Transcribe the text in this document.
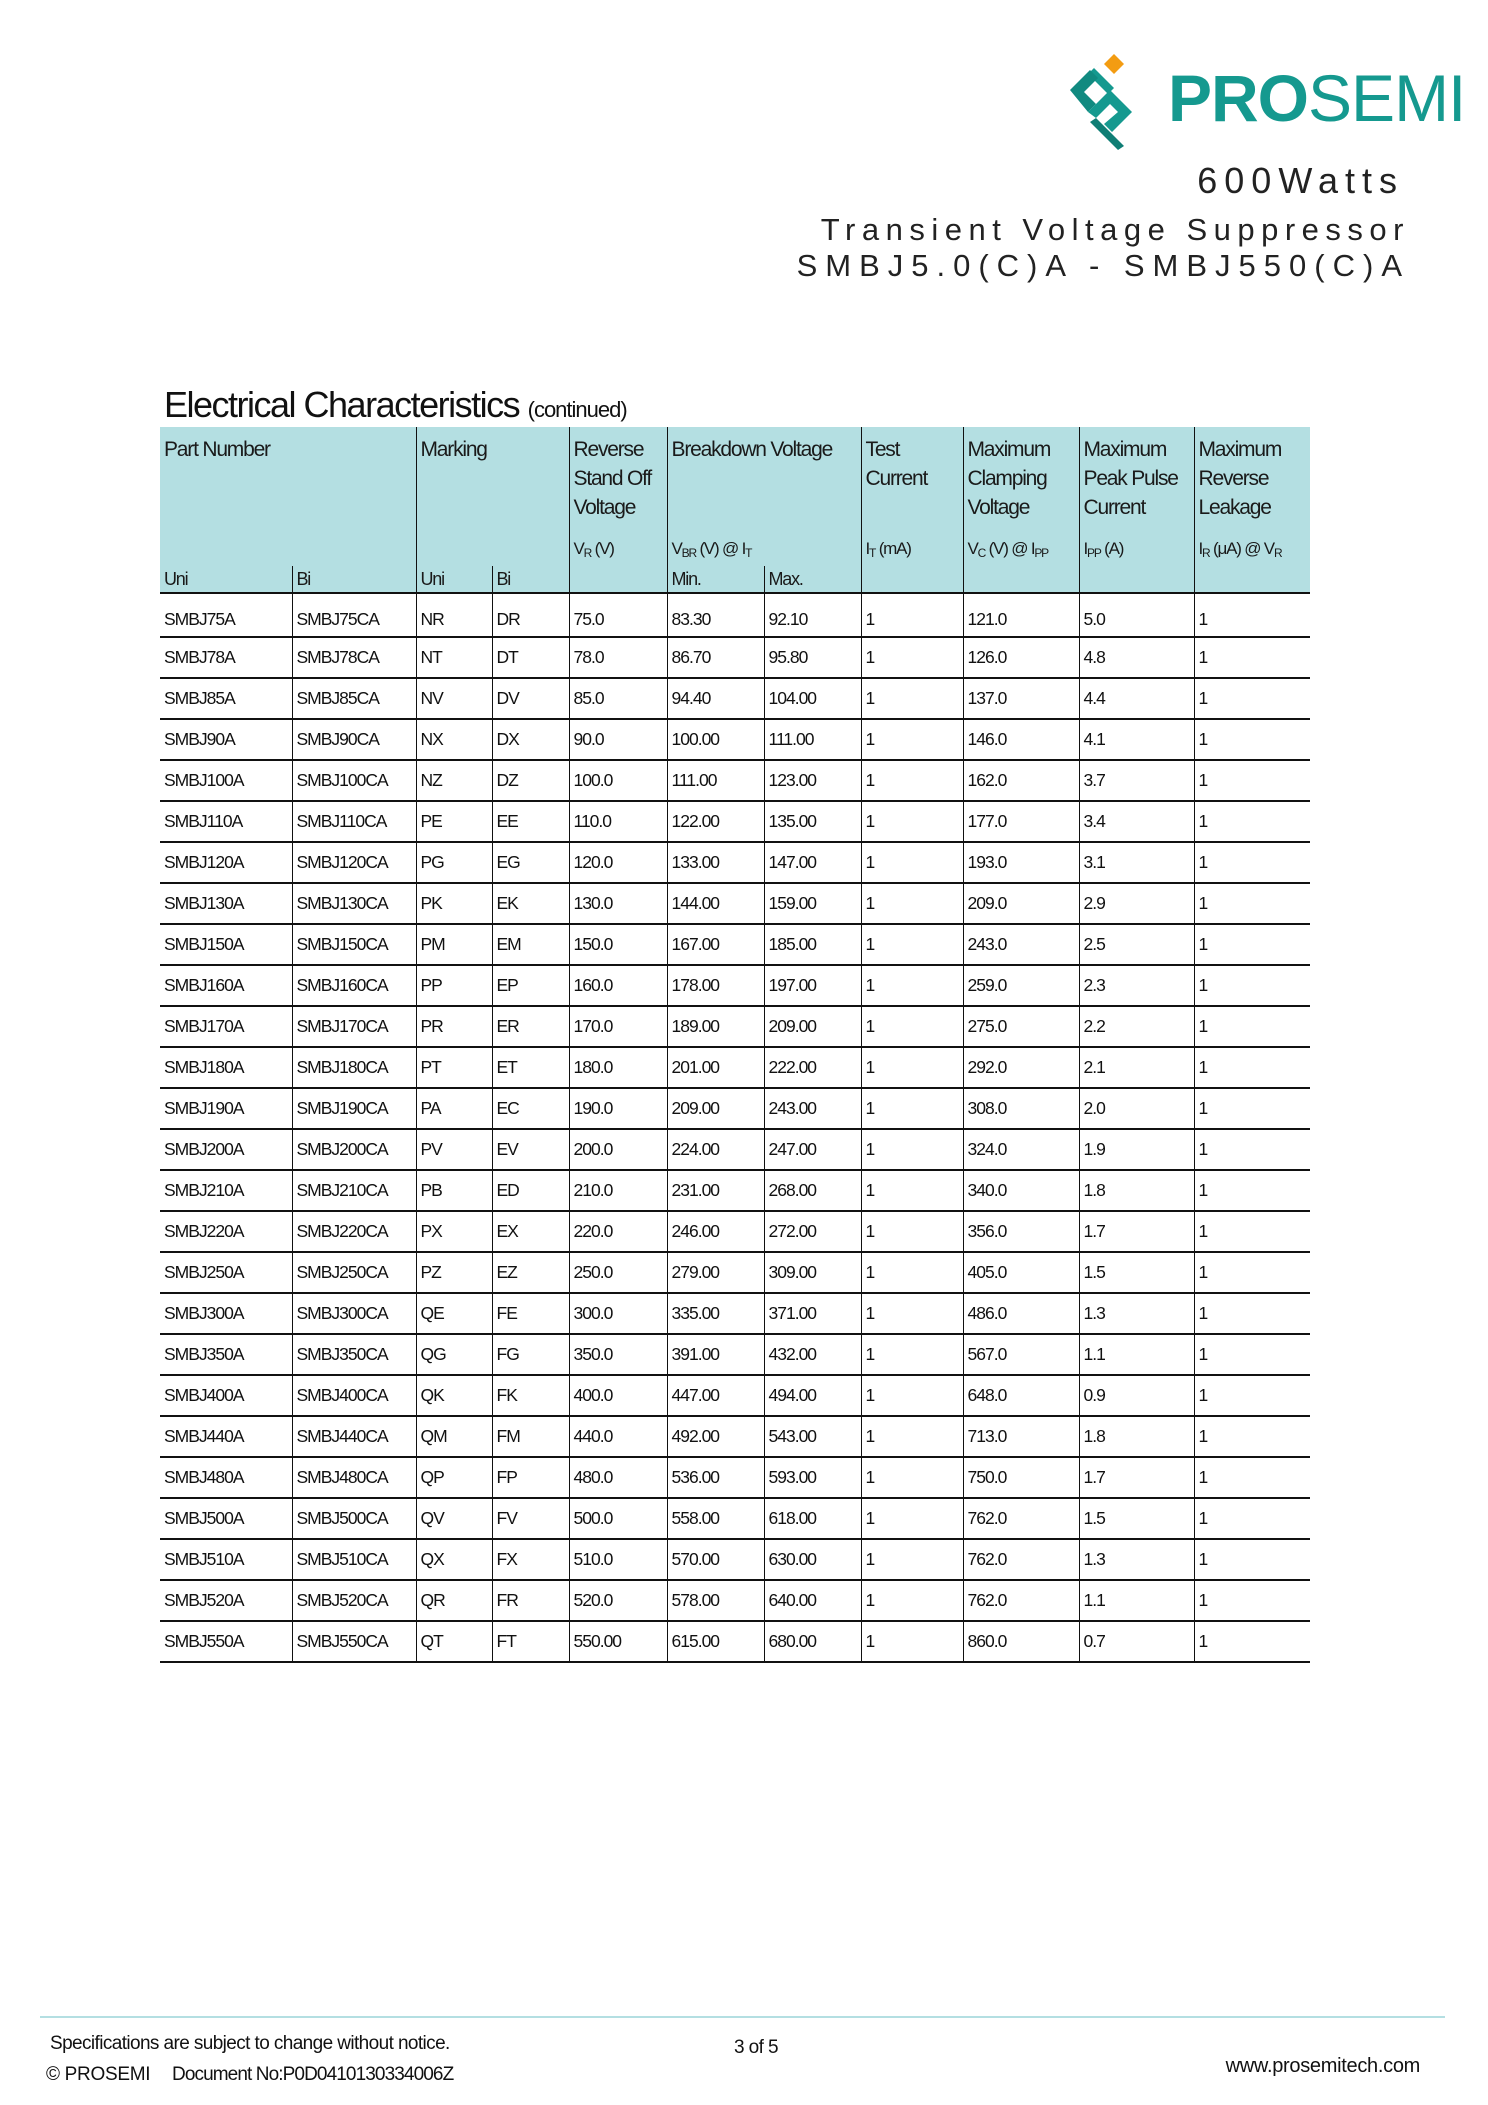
PROSEMI
600Watts
Transient Voltage Suppressor
SMBJ5.0(C)A - SMBJ550(C)A
Electrical Characteristics (continued)
Part Number		Marking		Reverse Stand Off Voltage	Breakdown Voltage		Test Current	Maximum Clamping Voltage	Maximum Peak Pulse Current	Maximum Reverse Leakage
				$V_R$ (V)	$V_{BR}$ (V) @ $I_T$		$I_T$ (mA)	$V_C$ (V) @ $I_{PP}$	$I_{PP}$ (A)	$I_R$ (μA) @ $V_R$
Uni	Bi	Uni	Bi		Min.	Max.				
SMBJ75A	SMBJ75CA	NR	DR	75.0	83.30	92.10	1	121.0	5.0	1
SMBJ78A	SMBJ78CA	NT	DT	78.0	86.70	95.80	1	126.0	4.8	1
SMBJ85A	SMBJ85CA	NV	DV	85.0	94.40	104.00	1	137.0	4.4	1
SMBJ90A	SMBJ90CA	NX	DX	90.0	100.00	111.00	1	146.0	4.1	1
SMBJ100A	SMBJ100CA	NZ	DZ	100.0	111.00	123.00	1	162.0	3.7	1
SMBJ110A	SMBJ110CA	PE	EE	110.0	122.00	135.00	1	177.0	3.4	1
SMBJ120A	SMBJ120CA	PG	EG	120.0	133.00	147.00	1	193.0	3.1	1
SMBJ130A	SMBJ130CA	PK	EK	130.0	144.00	159.00	1	209.0	2.9	1
SMBJ150A	SMBJ150CA	PM	EM	150.0	167.00	185.00	1	243.0	2.5	1
SMBJ160A	SMBJ160CA	PP	EP	160.0	178.00	197.00	1	259.0	2.3	1
SMBJ170A	SMBJ170CA	PR	ER	170.0	189.00	209.00	1	275.0	2.2	1
SMBJ180A	SMBJ180CA	PT	ET	180.0	201.00	222.00	1	292.0	2.1	1
SMBJ190A	SMBJ190CA	PA	EC	190.0	209.00	243.00	1	308.0	2.0	1
SMBJ200A	SMBJ200CA	PV	EV	200.0	224.00	247.00	1	324.0	1.9	1
SMBJ210A	SMBJ210CA	PB	ED	210.0	231.00	268.00	1	340.0	1.8	1
SMBJ220A	SMBJ220CA	PX	EX	220.0	246.00	272.00	1	356.0	1.7	1
SMBJ250A	SMBJ250CA	PZ	EZ	250.0	279.00	309.00	1	405.0	1.5	1
SMBJ300A	SMBJ300CA	QE	FE	300.0	335.00	371.00	1	486.0	1.3	1
SMBJ350A	SMBJ350CA	QG	FG	350.0	391.00	432.00	1	567.0	1.1	1
SMBJ400A	SMBJ400CA	QK	FK	400.0	447.00	494.00	1	648.0	0.9	1
SMBJ440A	SMBJ440CA	QM	FM	440.0	492.00	543.00	1	713.0	1.8	1
SMBJ480A	SMBJ480CA	QP	FP	480.0	536.00	593.00	1	750.0	1.7	1
SMBJ500A	SMBJ500CA	QV	FV	500.0	558.00	618.00	1	762.0	1.5	1
SMBJ510A	SMBJ510CA	QX	FX	510.0	570.00	630.00	1	762.0	1.3	1
SMBJ520A	SMBJ520CA	QR	FR	520.0	578.00	640.00	1	762.0	1.1	1
SMBJ550A	SMBJ550CA	QT	FT	550.00	615.00	680.00	1	860.0	0.7	1
Specifications are subject to change without notice.	3 of 5
© PROSEMI Document No:P0D0410130334006Z	www.prosemitech.com
